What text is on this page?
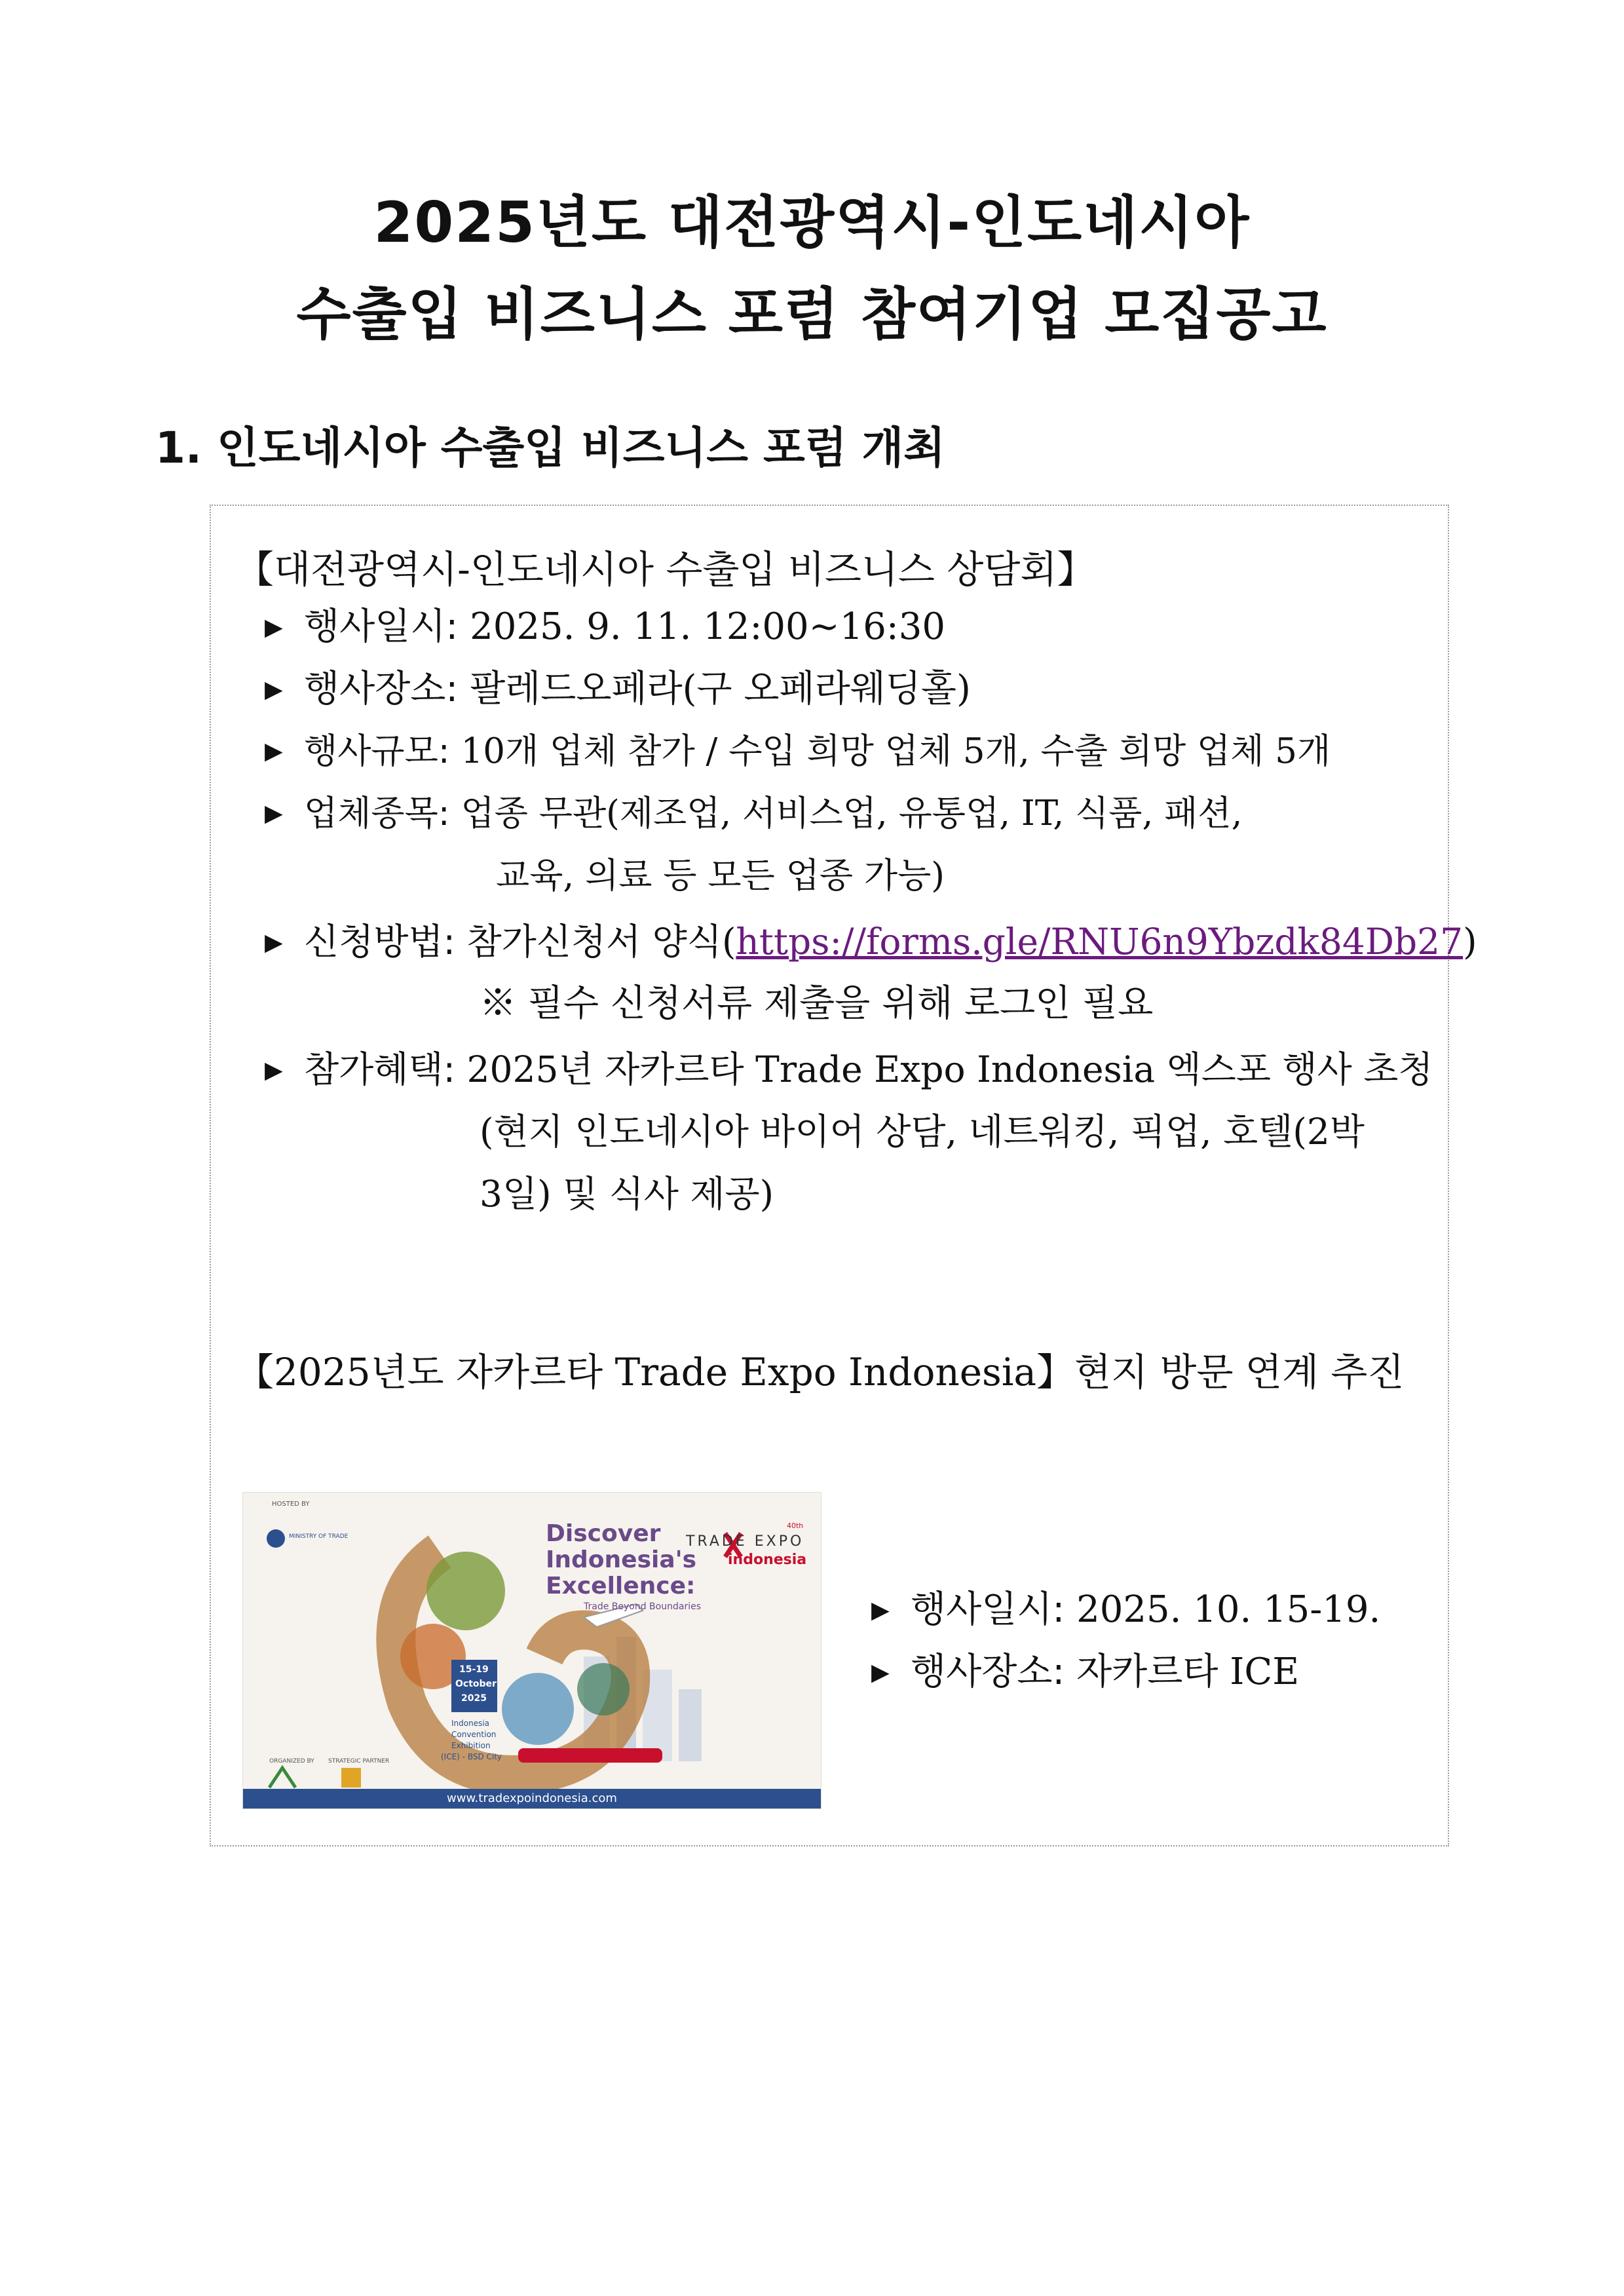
2025년도 대전광역시-인도네시아
수출입 비즈니스 포럼 참여기업 모집공고
1. 인도네시아 수출입 비즈니스 포럼 개최
【대전광역시-인도네시아 수출입 비즈니스 상담회】
▶ 행사일시: 2025. 9. 11. 12:00~16:30
▶ 행사장소: 팔레드오페라(구 오페라웨딩홀)
▶ 행사규모: 10개 업체 참가 / 수입 희망 업체 5개, 수출 희망 업체 5개
▶ 업체종목: 업종 무관(제조업, 서비스업, 유통업, IT, 식품, 패션,
교육, 의료 등 모든 업종 가능)
▶ 신청방법: 참가신청서 양식(https://forms.gle/RNU6n9Ybzdk84Db27)
※ 필수 신청서류 제출을 위해 로그인 필요
▶ 참가혜택: 2025년 자카르타 Trade Expo Indonesia 엑스포 행사 초청
(현지 인도네시아 바이어 상담, 네트워킹, 픽업, 호텔(2박
3일) 및 식사 제공)
【2025년도 자카르타 Trade Expo Indonesia】현지 방문 연계 추진
HOSTED BY
MINISTRY OF TRADE	Discover
Indonesia's
Excellence:
Trade Beyond Boundaries
TRADE EXPO
40th
indonesia
15-19
October
2025
Indonesia
Convention
Exhibition
(ICE) - BSD City
ORGANIZED BY STRATEGIC PARTNER
www.tradexpoindonesia.com
▶ 행사일시: 2025. 10. 15-19.
▶ 행사장소: 자카르타 ICE
